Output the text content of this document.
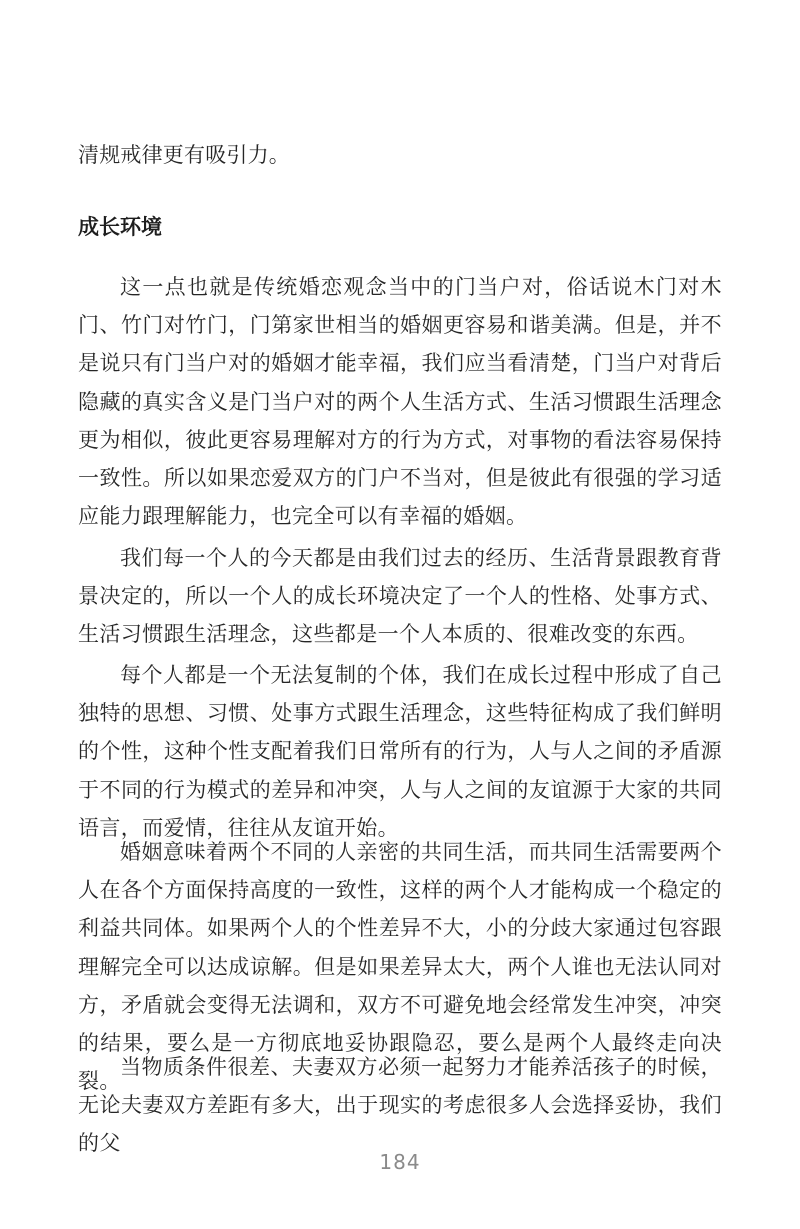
清规戒律更有吸引力。
成长环境

这一点也就是传统婚恋观念当中的门当户对，俗话说木门对木门、竹门对竹门，门第家世相当的婚姻更容易和谐美满。但是，并不是说只有门当户对的婚姻才能幸福，我们应当看清楚，门当户对背后隐藏的真实含义是门当户对的两个人生活方式、生活习惯跟生活理念更为相似，彼此更容易理解对方的行为方式，对事物的看法容易保持一致性。所以如果恋爱双方的门户不当对，但是彼此有很强的学习适应能力跟理解能力，也完全可以有幸福的婚姻。

我们每一个人的今天都是由我们过去的经历、生活背景跟教育背景决定的，所以一个人的成长环境决定了一个人的性格、处事方式、生活习惯跟生活理念，这些都是一个人本质的、很难改变的东西。

每个人都是一个无法复制的个体，我们在成长过程中形成了自己独特的思想、习惯、处事方式跟生活理念，这些特征构成了我们鲜明的个性，这种个性支配着我们日常所有的行为，人与人之间的矛盾源于不同的行为模式的差异和冲突，人与人之间的友谊源于大家的共同语言，而爱情，往往从友谊开始。

婚姻意味着两个不同的人亲密的共同生活，而共同生活需要两个人在各个方面保持高度的一致性，这样的两个人才能构成一个稳定的利益共同体。如果两个人的个性差异不大，小的分歧大家通过包容跟理解完全可以达成谅解。但是如果差异太大，两个人谁也无法认同对方，矛盾就会变得无法调和，双方不可避免地会经常发生冲突，冲突的结果，要么是一方彻底地妥协跟隐忍，要么是两个人最终走向决裂。

当物质条件很差、夫妻双方必须一起努力才能养活孩子的时候，无论夫妻双方差距有多大，出于现实的考虑很多人会选择妥协，我们的父

184
